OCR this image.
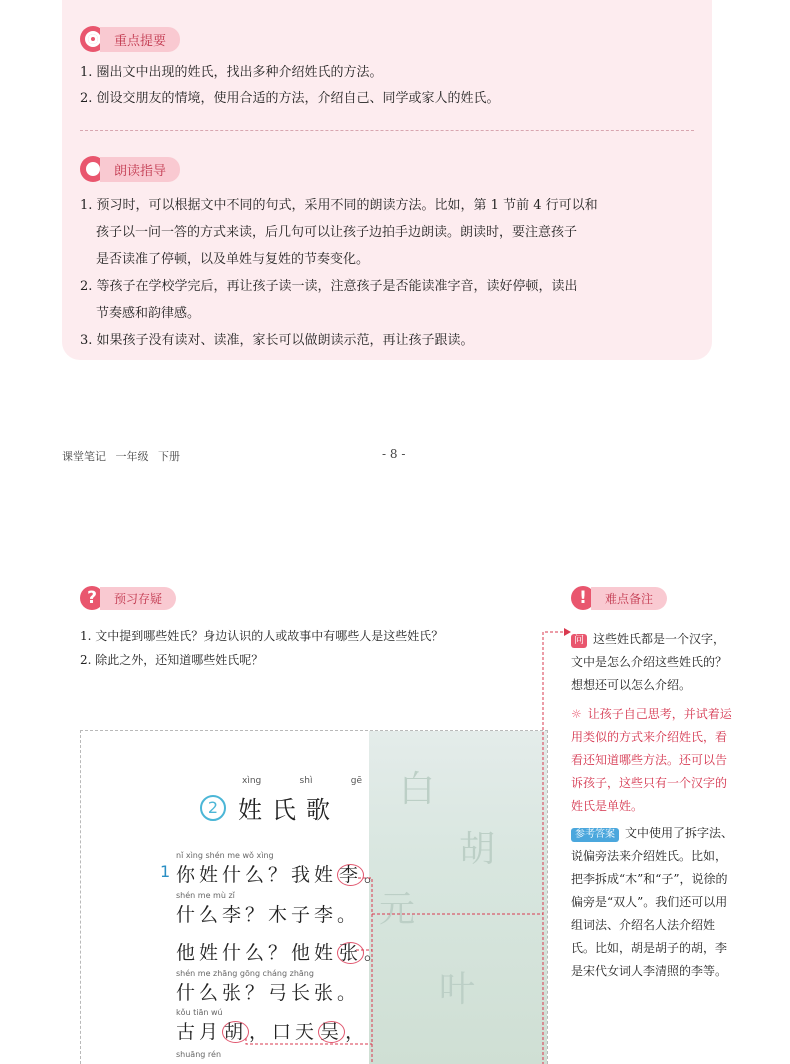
重点提要
1. 圈出文中出现的姓氏，找出多种介绍姓氏的方法。
2. 创设交朋友的情境，使用合适的方法，介绍自己、同学或家人的姓氏。
朗读指导
1. 预习时，可以根据文中不同的句式，采用不同的朗读方法。比如，第 1 节前 4 行可以和
孩子以一问一答的方式来读，后几句可以让孩子边拍手边朗读。朗读时，要注意孩子
是否读准了停顿，以及单姓与复姓的节奏变化。
2. 等孩子在学校学完后，再让孩子读一读，注意孩子是否能读准字音，读好停顿，读出
节奏感和韵律感。
3. 如果孩子没有读对、读准，家长可以做朗读示范，再让孩子跟读。
课堂笔记 一年级 下册	- 8 -
?	预习存疑
1. 文中提到哪些姓氏？身边认识的人或故事中有哪些人是这些姓氏？
2. 除此之外，还知道哪些姓氏呢？
白
胡
元
叶
xìng	shì	gē
2 姓氏歌
1
nǐ xìng shén me wǒ xìng
你姓什么？我姓 李 。
shén me mù zǐ
什么李？木子李。
他姓什么？他姓 张 。
shén me zhāng gōng cháng zhāng
什么张？弓长张。
kǒu tiān wú
古月 胡 ，口天 吴 ，
shuāng rén
!	难点备注
问 这些姓氏都是一个汉字，文中是怎么介绍这些姓氏的？想想还可以怎么介绍。
☼ 让孩子自己思考，并试着运用类似的方式来介绍姓氏，看看还知道哪些方法。还可以告诉孩子，这些只有一个汉字的姓氏是单姓。
参考答案 文中使用了拆字法、说偏旁法来介绍姓氏。比如，把李拆成“木”和“子”，说徐的偏旁是“双人”。我们还可以用组词法、介绍名人法介绍姓氏。比如，胡是胡子的胡，李是宋代女词人李清照的李等。
